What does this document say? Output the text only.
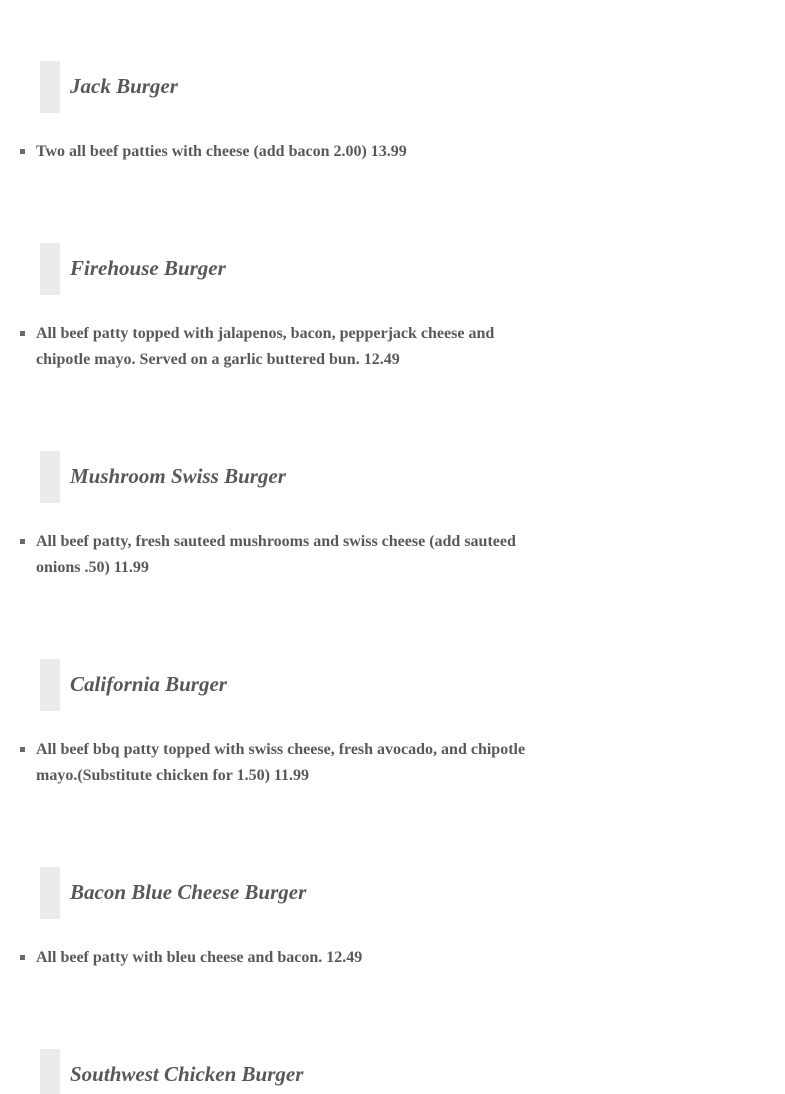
Jack Burger
Two all beef patties with cheese (add bacon 2.00) 13.99
Firehouse Burger
All beef patty topped with jalapenos, bacon, pepperjack cheese and chipotle mayo. Served on a garlic buttered bun. 12.49
Mushroom Swiss Burger
All beef patty, fresh sauteed mushrooms and swiss cheese (add sauteed onions .50) 11.99
California Burger
All beef bbq patty topped with swiss cheese, fresh avocado, and chipotle mayo.(Substitute chicken for 1.50) 11.99
Bacon Blue Cheese Burger
All beef patty with bleu cheese and bacon. 12.49
Southwest Chicken Burger
